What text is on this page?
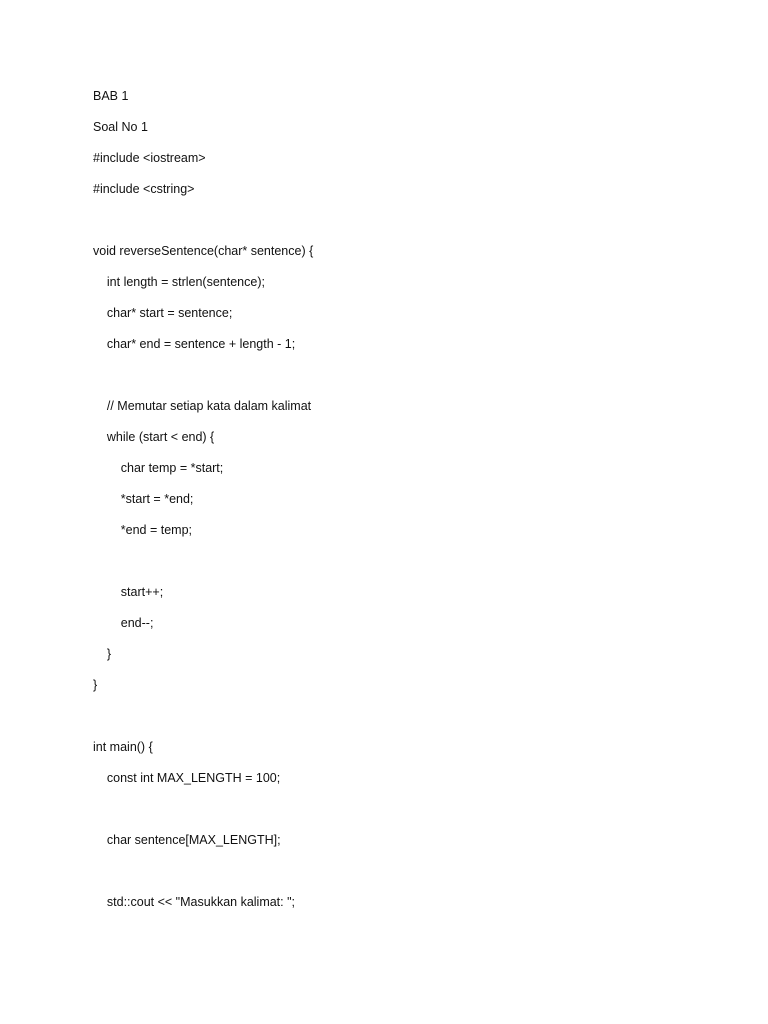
BAB 1

Soal No 1

#include <iostream>

#include <cstring>

void reverseSentence(char* sentence) {

int length = strlen(sentence);

char* start = sentence;

char* end = sentence + length - 1;

// Memutar setiap kata dalam kalimat

while (start < end) {

char temp = *start;

*start = *end;

*end = temp;

start++;

end--;

}

}

int main() {

const int MAX_LENGTH = 100;

char sentence[MAX_LENGTH];

std::cout << "Masukkan kalimat: ";
